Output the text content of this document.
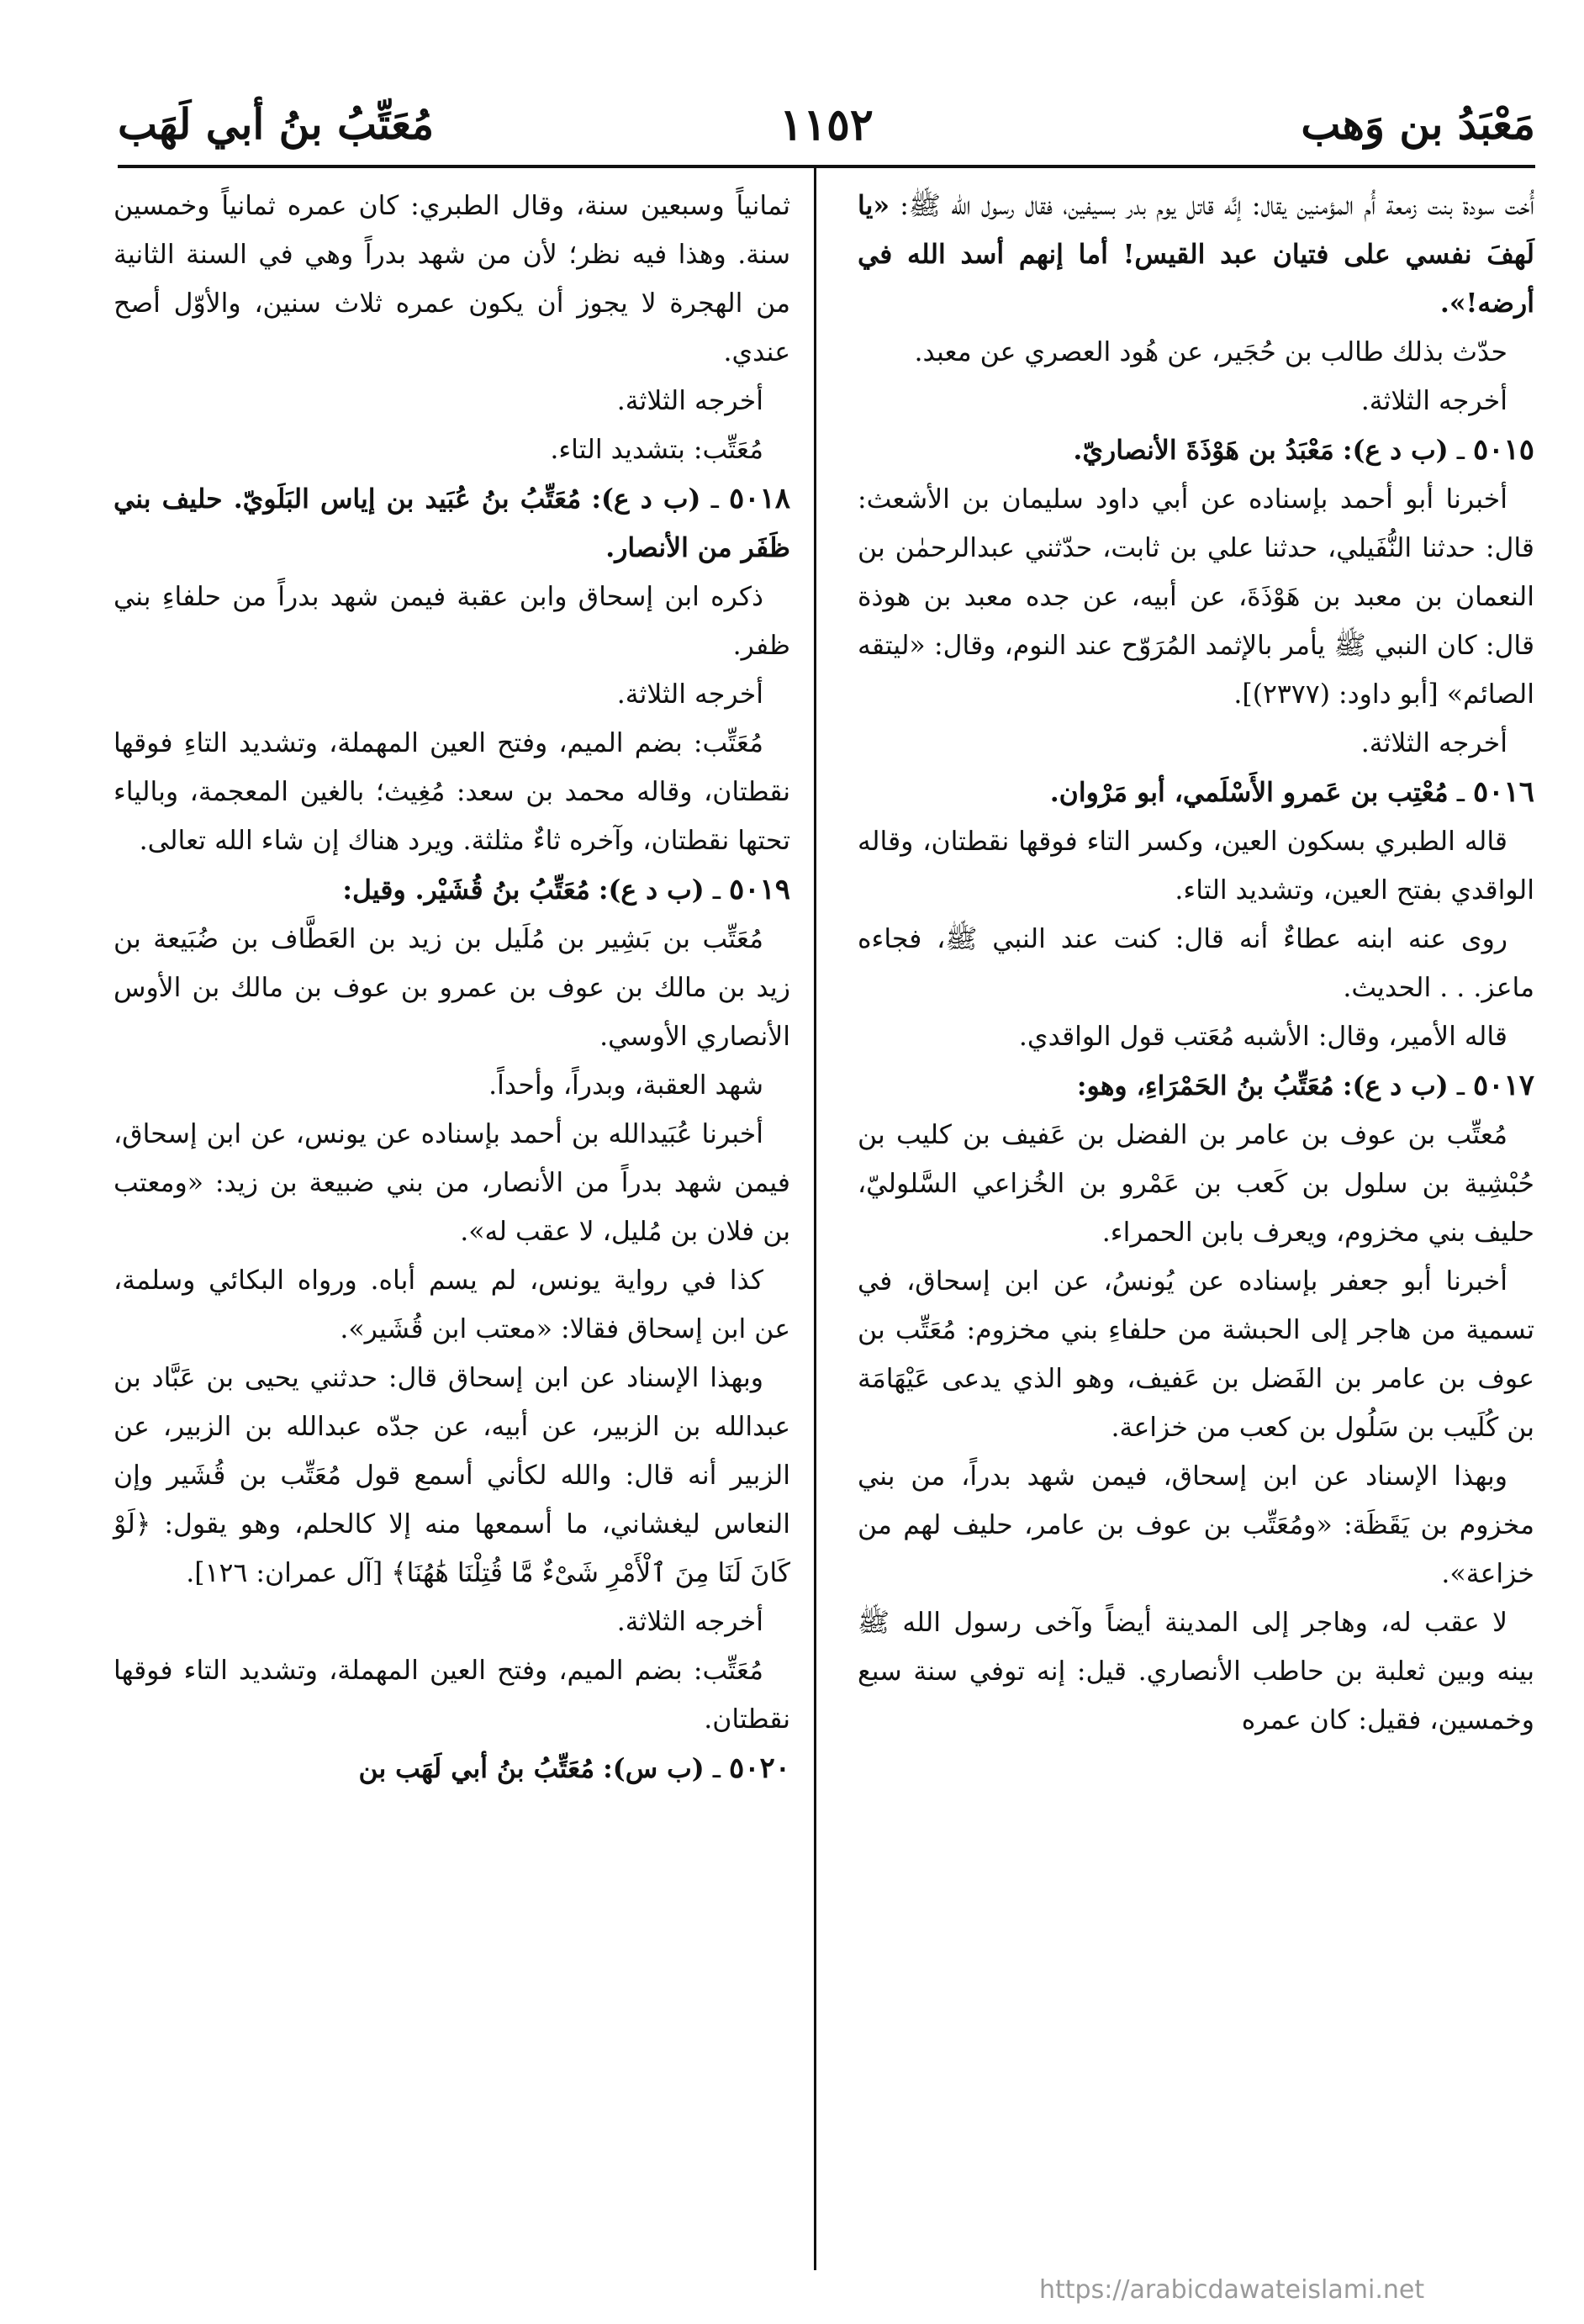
مُعَتِّبُ بنُ أبي لَهَب	١١٥٢	مَعْبَدُ بن وَهب

أُخت سودة بنت زمعة أُم المؤمنين يقال: إنَّه قاتل يوم بدر بسيفين، فقال رسول الله ﷺ: «يا لَهفَ نفسي على فتيان عبد القيس! أما إنهم أسد الله في أرضه!».

حدّث بذلك طالب بن حُجَير، عن هُود العصري عن معبد.

أخرجه الثلاثة.

٥٠١٥ ـ (ب د ع): مَعْبَدُ بن هَوْذَةَ الأنصاريّ.

أخبرنا أبو أحمد بإسناده عن أبي داود سليمان بن الأشعث: قال: حدثنا النُّفَيلي، حدثنا علي بن ثابت، حدّثني عبدالرحمٰن بن النعمان بن معبد بن هَوْذَةَ، عن أبيه، عن جده معبد بن هوذة قال: كان النبي ﷺ يأمر بالإثمد المُرَوّح عند النوم، وقال: «ليتقه الصائم» [أبو داود: (٢٣٧٧)].

أخرجه الثلاثة.

٥٠١٦ ـ مُعْتِب بن عَمرو الأَسْلَمي، أبو مَرْوان.

قاله الطبري بسكون العين، وكسر التاء فوقها نقطتان، وقاله الواقدي بفتح العين، وتشديد التاء.

روى عنه ابنه عطاءٌ أنه قال: كنت عند النبي ﷺ، فجاءه ماعز. . . الحديث.

قاله الأمير، وقال: الأشبه مُعَتب قول الواقدي.

٥٠١٧ ـ (ب د ع): مُعَتِّبُ بنُ الحَمْرَاءِ، وهو:

مُعتِّب بن عوف بن عامر بن الفضل بن عَفيف بن كليب بن حُبْشِية بن سلول بن كَعب بن عَمْرو بن الخُزاعي السَّلوليّ، حليف بني مخزوم، ويعرف بابن الحمراء.

أخبرنا أبو جعفر بإسناده عن يُونسُ، عن ابن إسحاق، في تسمية من هاجر إلى الحبشة من حلفاءِ بني مخزوم: مُعَتِّب بن عوف بن عامر بن الفَضل بن عَفيف، وهو الذي يدعى عَيْهَامَة بن كُلَيب بن سَلُول بن كعب من خزاعة.

وبهذا الإسناد عن ابن إسحاق، فيمن شهد بدراً، من بني مخزوم بن يَقَظَة: «ومُعَتِّب بن عوف بن عامر، حليف لهم من خزاعة».

لا عقب له، وهاجر إلى المدينة أيضاً وآخى رسول الله ﷺ بينه وبين ثعلبة بن حاطب الأنصاري. قيل: إنه توفي سنة سبع وخمسين، فقيل: كان عمره

ثمانياً وسبعين سنة، وقال الطبري: كان عمره ثمانياً وخمسين سنة. وهذا فيه نظر؛ لأن من شهد بدراً وهي في السنة الثانية من الهجرة لا يجوز أن يكون عمره ثلاث سنين، والأوّل أصح عندي.

أخرجه الثلاثة.

مُعَتِّب: بتشديد التاء.

٥٠١٨ ـ (ب د ع): مُعَتِّبُ بنُ عُبَيد بن إياس البَلَويّ. حليف بني ظَفَر من الأنصار.

ذكره ابن إسحاق وابن عقبة فيمن شهد بدراً من حلفاءِ بني ظفر.

أخرجه الثلاثة.

مُعَتِّب: بضم الميم، وفتح العين المهملة، وتشديد التاءِ فوقها نقطتان، وقاله محمد بن سعد: مُغِيث؛ بالغين المعجمة، وبالياء تحتها نقطتان، وآخره ثاءٌ مثلثة. ويرد هناك إن شاء الله تعالى.

٥٠١٩ ـ (ب د ع): مُعَتِّبُ بنُ قُشَيْر. وقيل:

مُعَتِّب بن بَشِير بن مُلَيل بن زيد بن العَطَّاف بن ضُبَيعة بن زيد بن مالك بن عوف بن عمرو بن عوف بن مالك بن الأوس الأنصاري الأوسي.

شهد العقبة، وبدراً، وأحداً.

أخبرنا عُبَيدالله بن أحمد بإسناده عن يونس، عن ابن إسحاق، فيمن شهد بدراً من الأنصار، من بني ضبيعة بن زيد: «ومعتب بن فلان بن مُليل، لا عقب له».

كذا في رواية يونس، لم يسم أباه. ورواه البكائي وسلمة، عن ابن إسحاق فقالا: «معتب ابن قُشَير».

وبهذا الإسناد عن ابن إسحاق قال: حدثني يحيى بن عَبَّاد بن عبدالله بن الزبير، عن أبيه، عن جدّه عبدالله بن الزبير، عن الزبير أنه قال: والله لكأني أسمع قول مُعَتِّب بن قُشَير وإن النعاس ليغشاني، ما أسمعها منه إلا كالحلم، وهو يقول: ﴿لَوْ كَانَ لَنَا مِنَ ٱلْأَمْرِ شَىْءٌ مَّا قُتِلْنَا هَٰهُنَا﴾ [آل عمران: ١٢٦].

أخرجه الثلاثة.

مُعَتِّب: بضم الميم، وفتح العين المهملة، وتشديد التاء فوقها نقطتان.

٥٠٢٠ ـ (ب س): مُعَتِّبُ بنُ أبي لَهَب بن

https://arabicdawateislami.net
